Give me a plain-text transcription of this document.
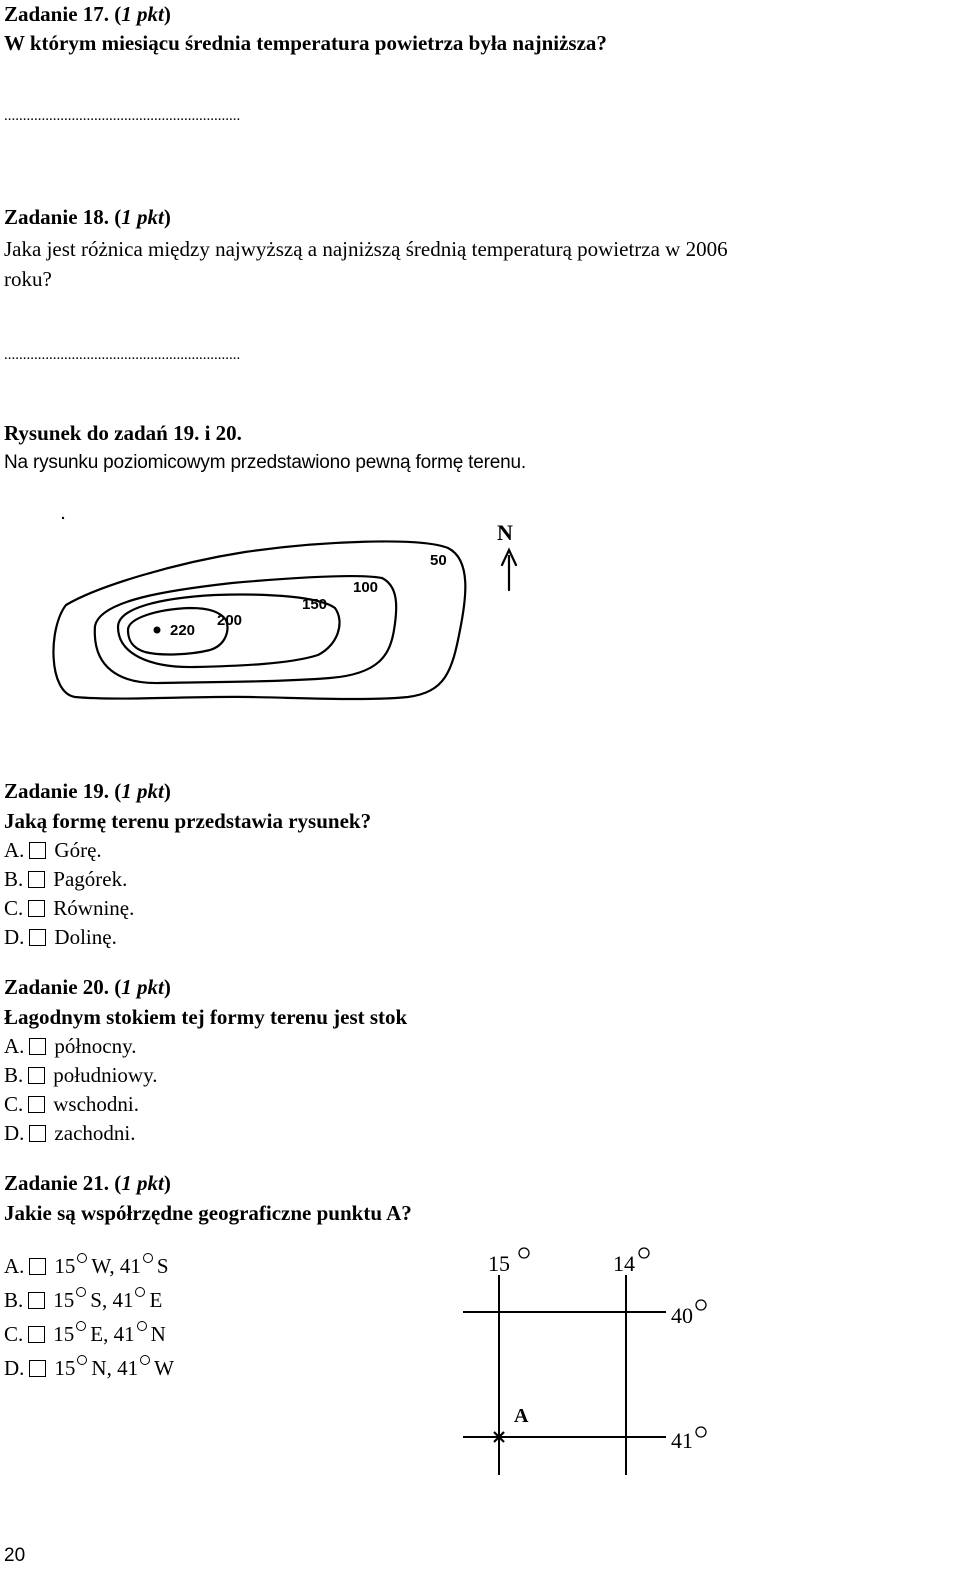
Zadanie 17. (1 pkt)
W którym miesiącu średnia temperatura powietrza była najniższa?
...............................................................
Zadanie 18. (1 pkt)
Jaka jest różnica między najwyższą a najniższą średnią temperaturą powietrza w 2006
roku?
...............................................................
Rysunek do zadań 19. i 20.
Na rysunku poziomicowym przedstawiono pewną formę terenu.
50
100
150
200
220
N
Zadanie 19. (1 pkt)
Jaką formę terenu przedstawia rysunek?
A. Górę.
B. Pagórek.
C. Równinę.
D. Dolinę.
Zadanie 20. (1 pkt)
Łagodnym stokiem tej formy terenu jest stok
A. północny.
B. południowy.
C. wschodni.
D. zachodni.
Zadanie 21. (1 pkt)
Jakie są współrzędne geograficzne punktu A?
A. 15 W, 41 S
B. 15 S, 41 E
C. 15 E, 41 N
D. 15 N, 41 W
15	14
40
41
A
20
